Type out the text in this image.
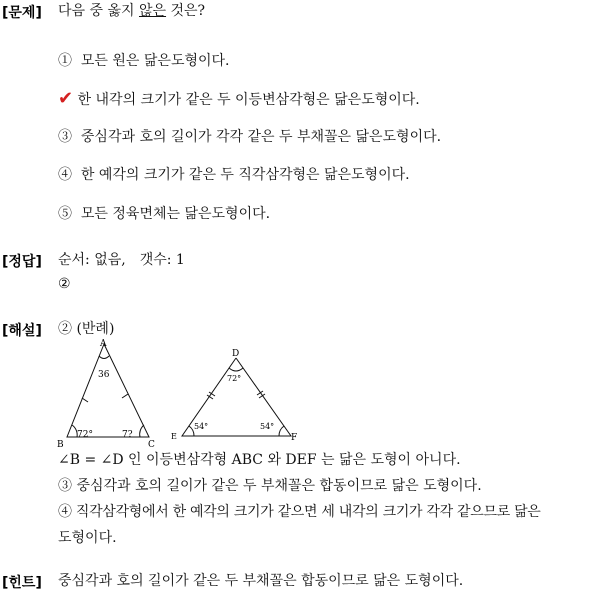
[문제] 다음 중 옳지 않은 것은?
① 모든 원은 닮은도형이다.
✔ 한 내각의 크기가 같은 두 이등변삼각형은 닮은도형이다.
③ 중심각과 호의 길이가 각각 같은 두 부채꼴은 닮은도형이다.
④ 한 예각의 크기가 같은 두 직각삼각형은 닮은도형이다.
⑤ 모든 정육면체는 닮은도형이다.
[정답] 순서: 없음,　갯수: 1
②
[해설] ② (반례)
A
B	C
36
72°	7?
D
E	F
72°
54°	54°
∠B = ∠D 인 이등변삼각형 ABC 와 DEF 는 닮은 도형이 아니다.
③ 중심각과 호의 길이가 같은 두 부채꼴은 합동이므로 닮은 도형이다.
④ 직각삼각형에서 한 예각의 크기가 같으면 세 내각의 크기가 각각 같으므로 닮은
도형이다.
[힌트] 중심각과 호의 길이가 같은 두 부채꼴은 합동이므로 닮은 도형이다.
